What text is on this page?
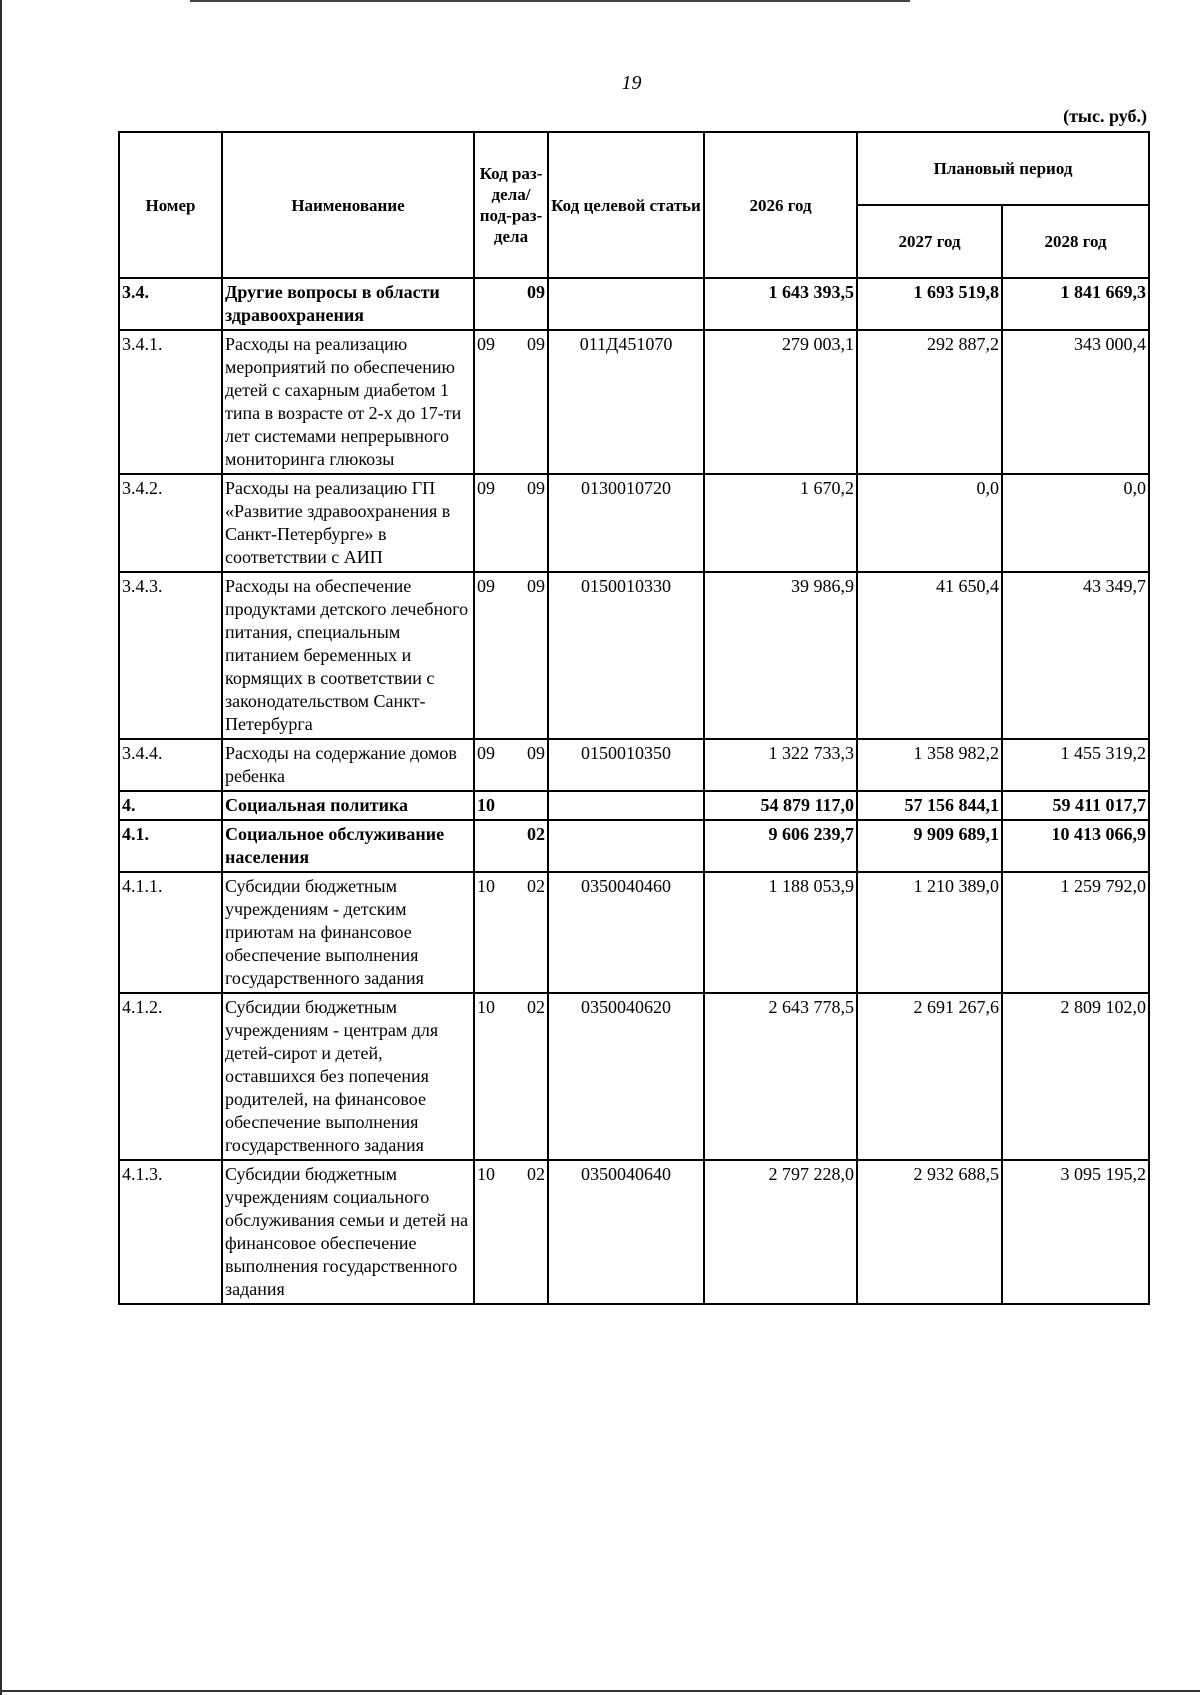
19
(тыс. руб.)
Номер	Наименование	Код раз-дела/ под-раз-дела		Код целевой статьи	2026 год	Плановый период	
						2027 год	2028 год
3.4.	Другие вопросы в области здравоохранения		09		1 643 393,5	1 693 519,8	1 841 669,3
3.4.1.	Расходы на реализацию мероприятий по обеспечению детей с сахарным диабетом 1 типа в возрасте от 2-х до 17-ти лет системами непрерывного мониторинга глюкозы	09	09	011Д451070	279 003,1	292 887,2	343 000,4
3.4.2.	Расходы на реализацию ГП «Развитие здравоохранения в Санкт-Петербурге» в соответствии с АИП	09	09	0130010720	1 670,2	0,0	0,0
3.4.3.	Расходы на обеспечение продуктами детского лечебного питания, специальным питанием беременных и кормящих в соответствии с законодательством Санкт-Петербурга	09	09	0150010330	39 986,9	41 650,4	43 349,7
3.4.4.	Расходы на содержание домов ребенка	09	09	0150010350	1 322 733,3	1 358 982,2	1 455 319,2
4.	Социальная политика	10			54 879 117,0	57 156 844,1	59 411 017,7
4.1.	Социальное обслуживание населения		02		9 606 239,7	9 909 689,1	10 413 066,9
4.1.1.	Субсидии бюджетным учреждениям - детским приютам на финансовое обеспечение выполнения государственного задания	10	02	0350040460	1 188 053,9	1 210 389,0	1 259 792,0
4.1.2.	Субсидии бюджетным учреждениям - центрам для детей-сирот и детей, оставшихся без попечения родителей, на финансовое обеспечение выполнения государственного задания	10	02	0350040620	2 643 778,5	2 691 267,6	2 809 102,0
4.1.3.	Субсидии бюджетным учреждениям социального обслуживания семьи и детей на финансовое обеспечение выполнения государственного задания	10	02	0350040640	2 797 228,0	2 932 688,5	3 095 195,2
